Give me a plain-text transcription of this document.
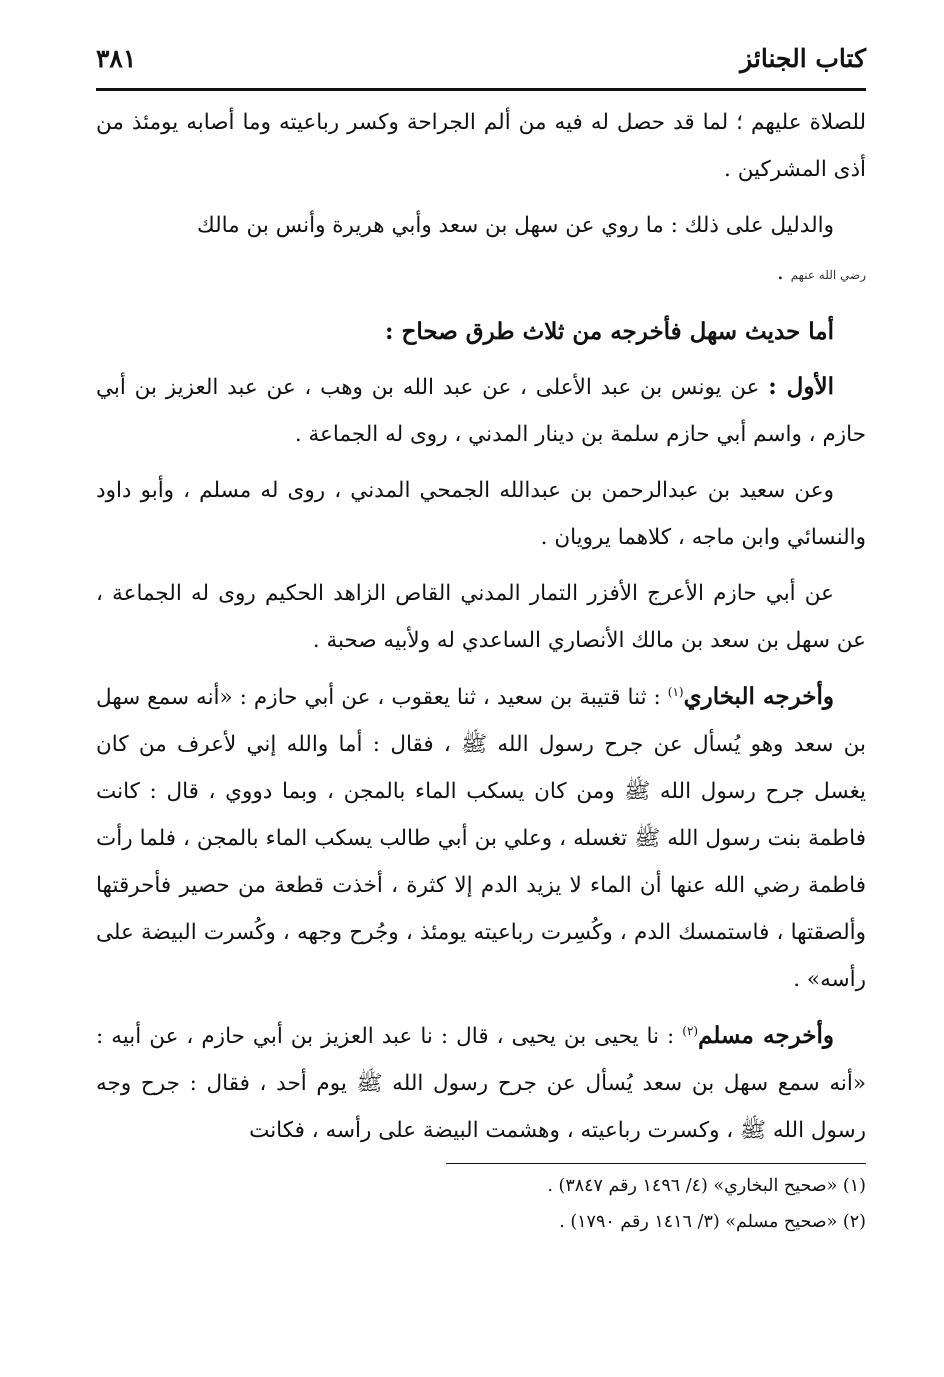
كتاب الجنائز
٣٨١

للصلاة عليهم ؛ لما قد حصل له فيه من ألم الجراحة وكسر رباعيته وما أصابه يومئذ من أذى المشركين .

والدليل على ذلك : ما روي عن سهل بن سعد وأبي هريرة وأنس بن مالك
رضي الله عنهم .

أما حديث سهل فأخرجه من ثلاث طرق صحاح :

الأول : عن يونس بن عبد الأعلى ، عن عبد الله بن وهب ، عن عبد العزيز بن أبي حازم ، واسم أبي حازم سلمة بن دينار المدني ، روى له الجماعة .

وعن سعيد بن عبدالرحمن بن عبدالله الجمحي المدني ، روى له مسلم ، وأبو داود والنسائي وابن ماجه ، كلاهما يرويان .

عن أبي حازم الأعرج الأفزر التمار المدني القاص الزاهد الحكيم روى له الجماعة ، عن سهل بن سعد بن مالك الأنصاري الساعدي له ولأبيه صحبة .

وأخرجه البخاري$^{(١)}$ : ثنا قتيبة بن سعيد ، ثنا يعقوب ، عن أبي حازم : «أنه سمع سهل بن سعد وهو يُسأل عن جرح رسول الله ﷺ ، فقال : أما والله إني لأعرف من كان يغسل جرح رسول الله ﷺ ومن كان يسكب الماء بالمجن ، وبما دووي ، قال : كانت فاطمة بنت رسول الله ﷺ تغسله ، وعلي بن أبي طالب يسكب الماء بالمجن ، فلما رأت فاطمة رضي الله عنها أن الماء لا يزيد الدم إلا كثرة ، أخذت قطعة من حصير فأحرقتها وألصقتها ، فاستمسك الدم ، وكُسِرت رباعيته يومئذ ، وجُرح وجهه ، وكُسرت البيضة على رأسه» .

وأخرجه مسلم$^{(٢)}$ : نا يحيى بن يحيى ، قال : نا عبد العزيز بن أبي حازم ، عن أبيه : «أنه سمع سهل بن سعد يُسأل عن جرح رسول الله ﷺ يوم أحد ، فقال : جرح وجه رسول الله ﷺ ، وكسرت رباعيته ، وهشمت البيضة على رأسه ، فكانت

(١) «صحيح البخاري» (٤/ ١٤٩٦ رقم ٣٨٤٧) .

(٢) «صحيح مسلم» (٣/ ١٤١٦ رقم ١٧٩٠) .
